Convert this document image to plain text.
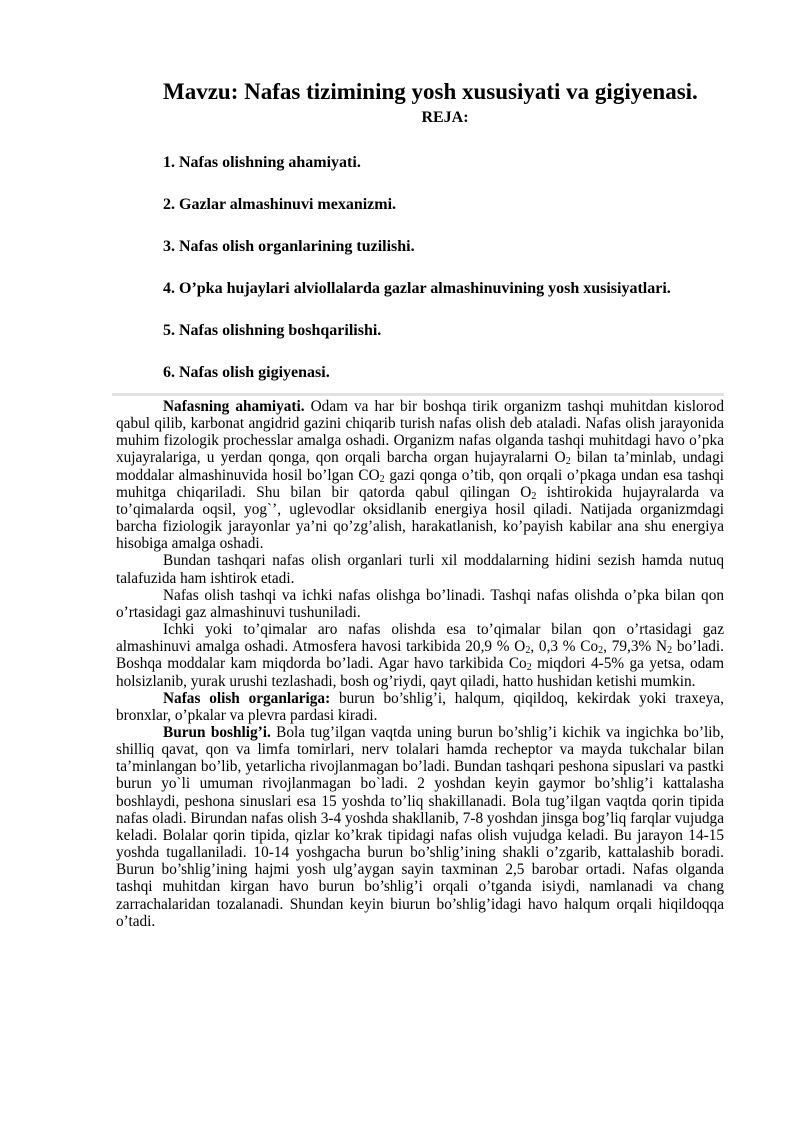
Mavzu: Nafas tizimining yosh xususiyati va gigiyenasi.
REJA:
1. Nafas olishning ahamiyati.
2. Gazlar almashinuvi mexanizmi.
3. Nafas olish organlarining tuzilishi.
4. O’pka hujaylari alviollalarda gazlar almashinuvining yosh xusisiyatlari.
5. Nafas olishning boshqarilishi.
6. Nafas olish gigiyenasi.

Nafasning ahamiyati. Odam va har bir boshqa tirik organizm tashqi muhitdan kislorod qabul qilib, karbonat angidrid gazini chiqarib turish nafas olish deb ataladi. Nafas olish jarayonida muhim fizologik prochesslar amalga oshadi. Organizm nafas olganda tashqi muhitdagi havo o’pka xujayralariga, u yerdan qonga, qon orqali barcha organ hujayralarni $O_2$ bilan ta’minlab, undagi moddalar almashinuvida hosil bo’lgan $CO_2$ gazi qonga o’tib, qon orqali o’pkaga undan esa tashqi muhitga chiqariladi. Shu bilan bir qatorda qabul qilingan $O_2$ ishtirokida hujayralarda va to’qimalarda oqsil, yog`’, uglevodlar oksidlanib energiya hosil qiladi. Natijada organizmdagi barcha fiziologik jarayonlar ya’ni qo’zg’alish, harakatlanish, ko’payish kabilar ana shu energiya hisobiga amalga oshadi.

Bundan tashqari nafas olish organlari turli xil moddalarning hidini sezish hamda nutuq talafuzida ham ishtirok etadi.

Nafas olish tashqi va ichki nafas olishga bo’linadi. Tashqi nafas olishda o’pka bilan qon o’rtasidagi gaz almashinuvi tushuniladi.

Ichki yoki to’qimalar aro nafas olishda esa to’qimalar bilan qon o’rtasidagi gaz almashinuvi amalga oshadi. Atmosfera havosi tarkibida 20,9 % $O_2$, 0,3 % $Co_2$, 79,3% $N_2$ bo’ladi. Boshqa moddalar kam miqdorda bo’ladi. Agar havo tarkibida $Co_2$ miqdori 4-5% ga yetsa, odam holsizlanib, yurak urushi tezlashadi, bosh og’riydi, qayt qiladi, hatto hushidan ketishi mumkin.

Nafas olish organlariga: burun bo’shlig’i, halqum, qiqildoq, kekirdak yoki traxeya, bronxlar, o’pkalar va plevra pardasi kiradi.

Burun boshlig’i. Bola tug’ilgan vaqtda uning burun bo’shlig’i kichik va ingichka bo’lib, shilliq qavat, qon va limfa tomirlari, nerv tolalari hamda recheptor va mayda tukchalar bilan ta’minlangan bo’lib, yetarlicha rivojlanmagan bo’ladi. Bundan tashqari peshona sipuslari va pastki burun yo`li umuman rivojlanmagan bo`ladi. 2 yoshdan keyin gaymor bo’shlig’i kattalasha boshlaydi, peshona sinuslari esa 15 yoshda to’liq shakillanadi. Bola tug’ilgan vaqtda qorin tipida nafas oladi. Birundan nafas olish 3-4 yoshda shakllanib, 7-8 yoshdan jinsga bog’liq farqlar vujudga keladi. Bolalar qorin tipida, qizlar ko’krak tipidagi nafas olish vujudga keladi. Bu jarayon 14-15 yoshda tugallaniladi. 10-14 yoshgacha burun bo’shlig’ining shakli o’zgarib, kattalashib boradi. Burun bo’shlig’ining hajmi yosh ulg’aygan sayin taxminan 2,5 barobar ortadi. Nafas olganda tashqi muhitdan kirgan havo burun bo’shlig’i orqali o’tganda isiydi, namlanadi va chang zarrachalaridan tozalanadi. Shundan keyin biurun bo’shlig’idagi havo halqum orqali hiqildoqqa o’tadi.
